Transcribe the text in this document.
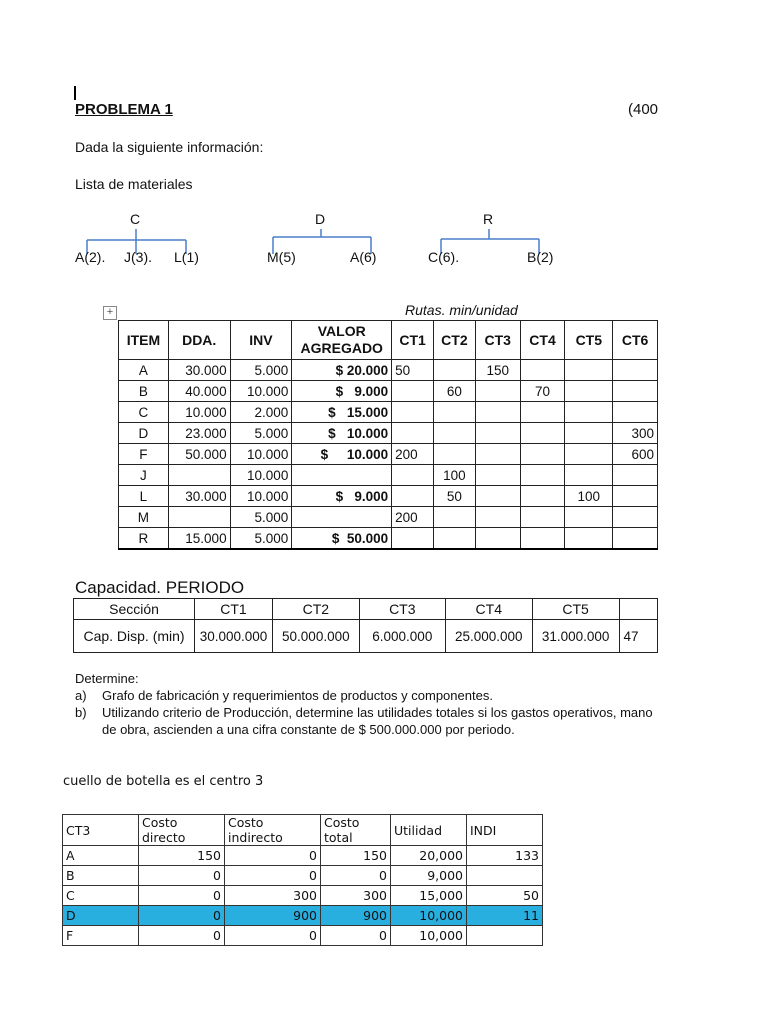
PROBLEMA 1	(400
Dada la siguiente información:
Lista de materiales
C
A(2). J(3). L(1)
D
M(5)	A(6)
R
C(6).	B(2)
+	Rutas. min/unidad
ITEM	DDA.	INV	VALOR AGREGADO	CT1	CT2	CT3	CT4	CT5	CT6
A	30.000	5.000	$ 20.000	50		150			
B	40.000	10.000	$   9.000		60		70		
C	10.000	2.000	$   15.000						
D	23.000	5.000	$   10.000						300
F	50.000	10.000	$     10.000	200					600
J		10.000			100				
L	30.000	10.000	$   9.000		50			100	
M		5.000		200					
R	15.000	5.000	$  50.000						
Capacidad. PERIODO
Sección	CT1	CT2	CT3	CT4	CT5	
Cap. Disp. (min)	30.000.000	50.000.000	6.000.000	25.000.000	31.000.000	47
Determine:
a)	Grafo de fabricación y requerimientos de productos y componentes.
b)	Utilizando criterio de Producción, determine las utilidades totales si los gastos operativos, mano de obra, ascienden a una cifra constante de $ 500.000.000 por periodo.
cuello de botella es el centro 3
CT3	Costo directo	Costo indirecto	Costo total	Utilidad	INDI
A	150	0	150	20,000	133
B	0	0	0	9,000	
C	0	300	300	15,000	50
D	0	900	900	10,000	11
F	0	0	0	10,000	
